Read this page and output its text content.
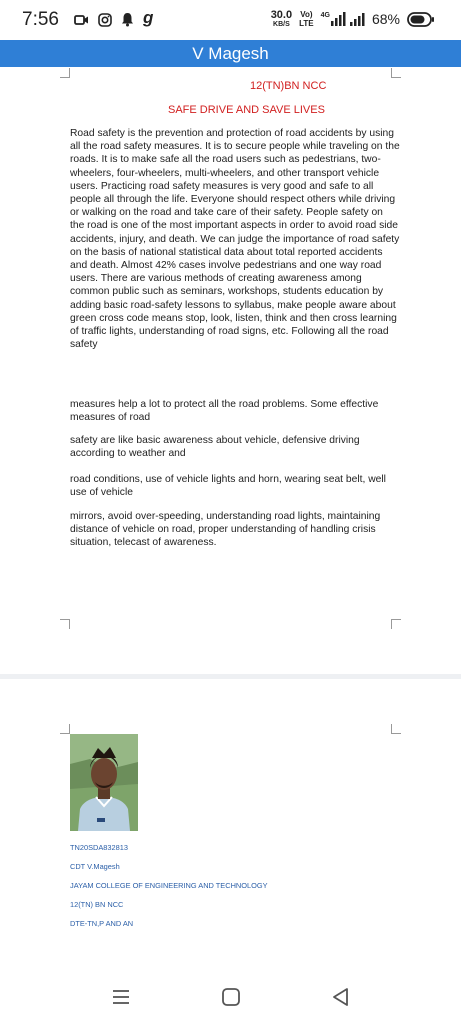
7:56	g	30.0
KB/S
Vo)
LTE
4G	68%
V Magesh
12(TN)BN NCC
SAFE DRIVE AND SAVE LIVES

Road safety is the prevention and protection of road accidents by using all the road safety measures. It is to secure people while traveling on the roads. It is to make safe all the road users such as pedestrians, two-wheelers, four-wheelers, multi-wheelers, and other transport vehicle users. Practicing road safety measures is very good and safe to all people all through the life. Everyone should respect others while driving or walking on the road and take care of their safety. People safety on the road is one of the most important aspects in order to avoid road side accidents, injury, and death. We can judge the importance of road safety on the basis of national statistical data about total reported accidents and death. Almost 42% cases involve pedestrians and one way road users. There are various methods of creating awareness among common public such as seminars, workshops, students education by adding basic road-safety lessons to syllabus, make people aware about green cross code means stop, look, listen, think and then cross learning of traffic lights, understanding of road signs, etc. Following all the road safety

measures help a lot to protect all the road problems. Some effective measures of road

safety are like basic awareness about vehicle, defensive driving according to weather and

road conditions, use of vehicle lights and horn, wearing seat belt, well use of vehicle

mirrors, avoid over-speeding, understanding road lights, maintaining distance of vehicle on road, proper understanding of handling crisis situation, telecast of awareness.

TN20SDA832813
CDT V.Magesh
JAYAM COLLEGE OF ENGINEERING AND TECHNOLOGY
12(TN) BN NCC
DTE-TN,P AND AN
